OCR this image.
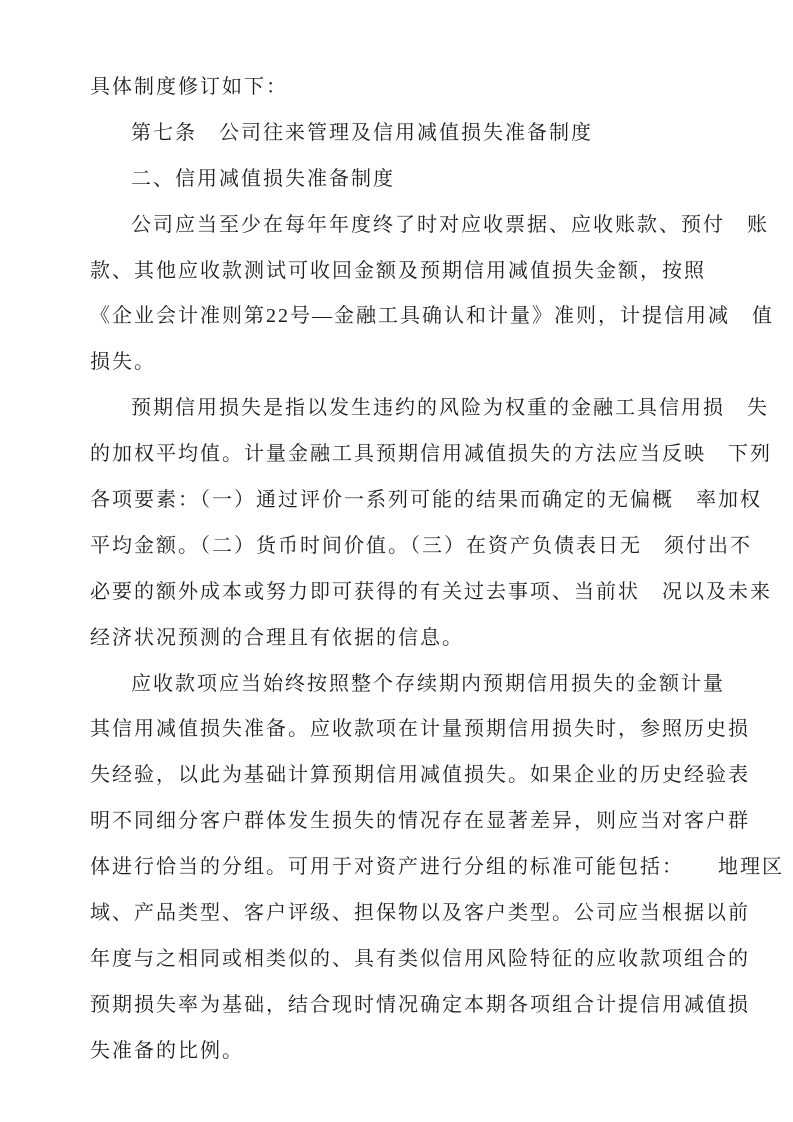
具体制度修订如下：
第七条　公司往来管理及信用减值损失准备制度
二、信用减值损失准备制度
公司应当至少在每年年度终了时对应收票据、应收账款、预付　账
款、其他应收款测试可收回金额及预期信用减值损失金额，按照
《企业会计准则第22号—金融工具确认和计量》准则，计提信用减　值
损失。
预期信用损失是指以发生违约的风险为权重的金融工具信用损　失
的加权平均值。计量金融工具预期信用减值损失的方法应当反映　下列
各项要素：（一）通过评价一系列可能的结果而确定的无偏概　率加权
平均金额。（二）货币时间价值。（三）在资产负债表日无　须付出不
必要的额外成本或努力即可获得的有关过去事项、当前状　况以及未来
经济状况预测的合理且有依据的信息。
应收款项应当始终按照整个存续期内预期信用损失的金额计量
其信用减值损失准备。应收款项在计量预期信用损失时，参照历史损
失经验，以此为基础计算预期信用减值损失。如果企业的历史经验表
明不同细分客户群体发生损失的情况存在显著差异，则应当对客户群
体进行恰当的分组。可用于对资产进行分组的标准可能包括：　　地理区
域、产品类型、客户评级、担保物以及客户类型。公司应当根据以前
年度与之相同或相类似的、具有类似信用风险特征的应收款项组合的
预期损失率为基础，结合现时情况确定本期各项组合计提信用减值损
失准备的比例。
